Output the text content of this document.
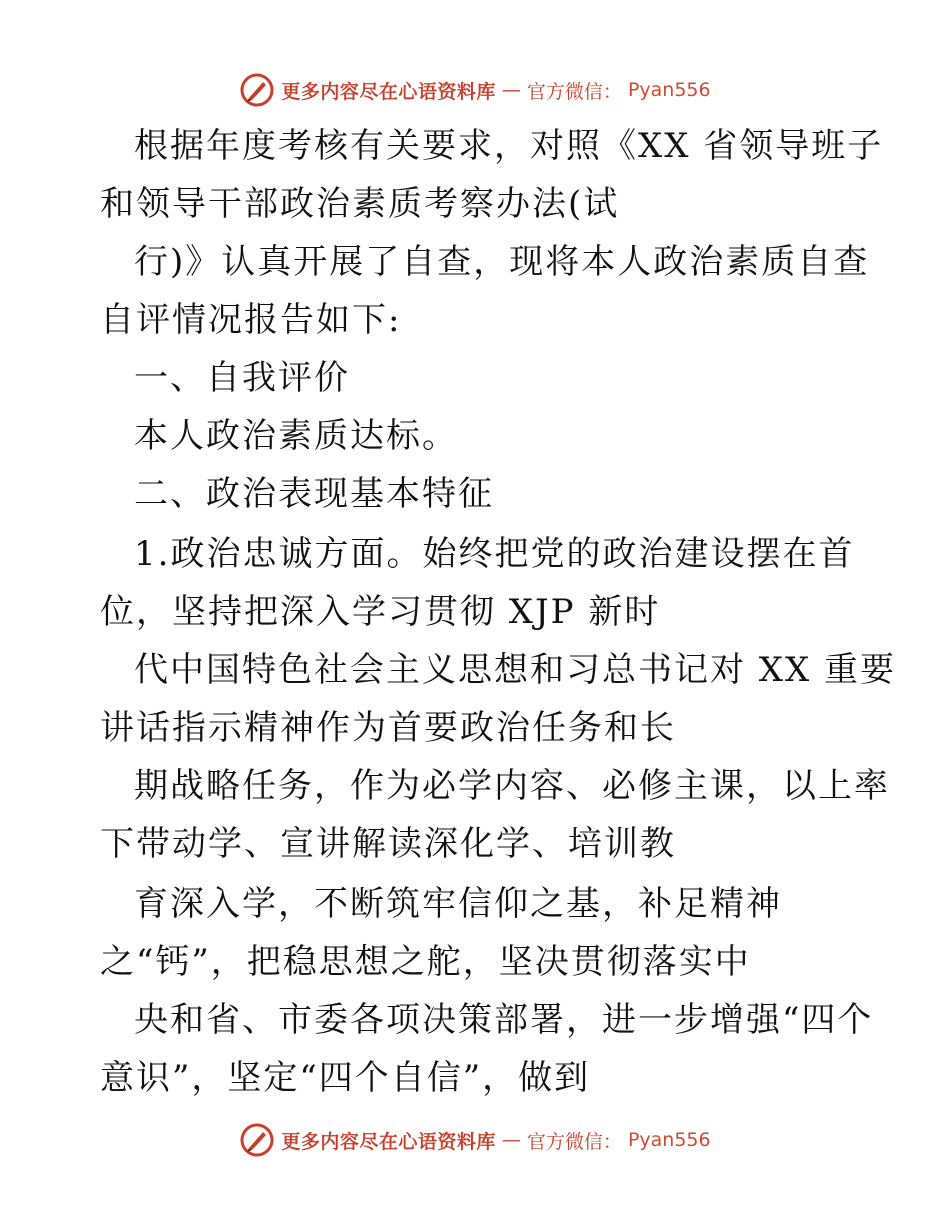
更多内容尽在心语资料库 — 官方微信： Pyan556
根据年度考核有关要求，对照《XX 省领导班子
和领导干部政治素质考察办法(试
行)》认真开展了自查，现将本人政治素质自查
自评情况报告如下:
一、自我评价
本人政治素质达标。
二、政治表现基本特征
1.政治忠诚方面。始终把党的政治建设摆在首
位，坚持把深入学习贯彻 XJP 新时
代中国特色社会主义思想和习总书记对 XX 重要
讲话指示精神作为首要政治任务和长
期战略任务，作为必学内容、必修主课，以上率
下带动学、宣讲解读深化学、培训教
育深入学，不断筑牢信仰之基，补足精神
之“钙”，把稳思想之舵，坚决贯彻落实中
央和省、市委各项决策部署，进一步增强“四个
意识”，坚定“四个自信”，做到
更多内容尽在心语资料库 — 官方微信： Pyan556
